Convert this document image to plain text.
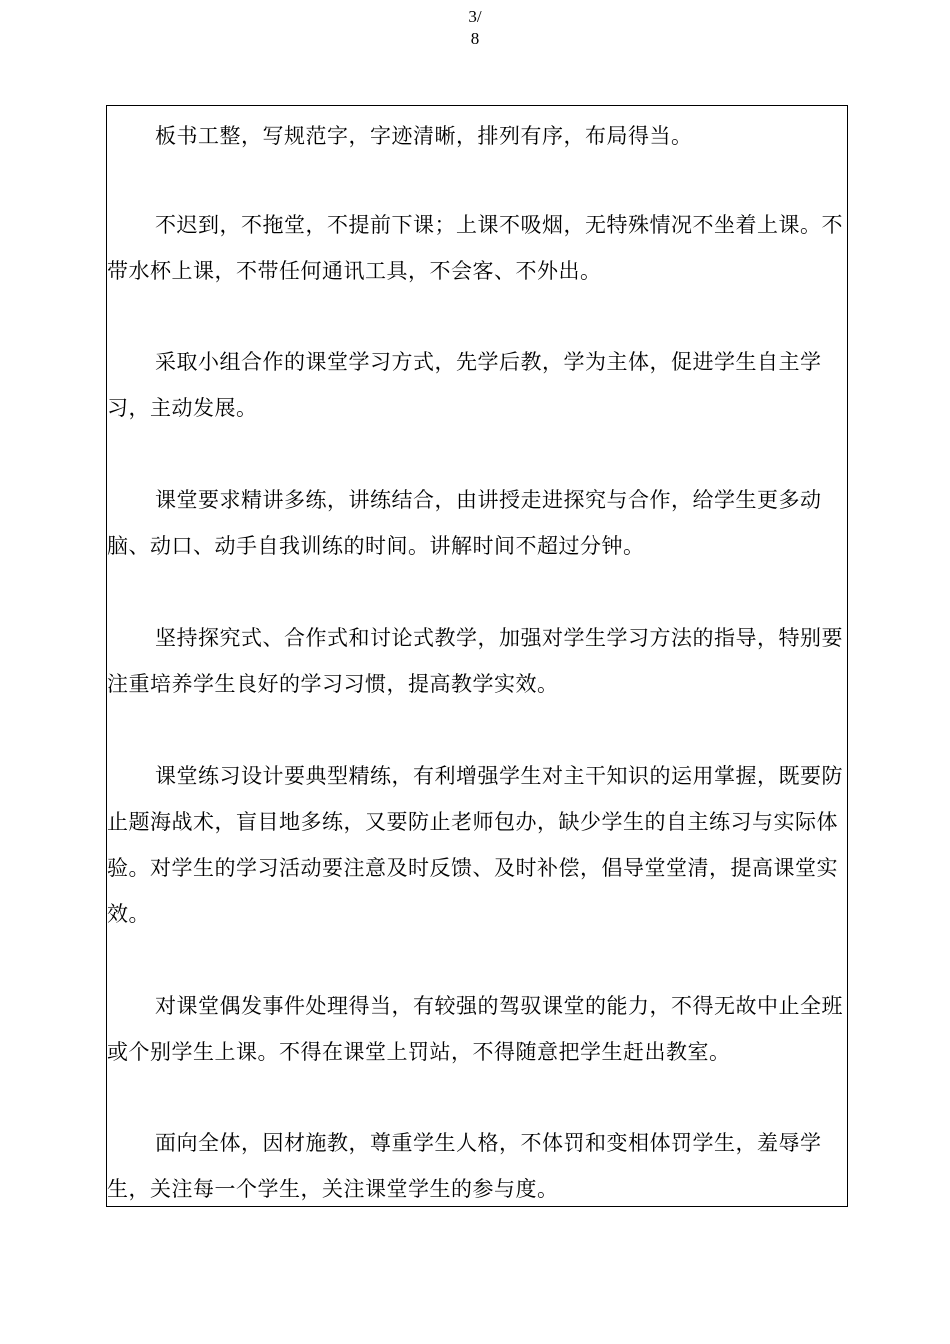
3/
8

板书工整，写规范字，字迹清晰，排列有序，布局得当。

不迟到，不拖堂，不提前下课；上课不吸烟，无特殊情况不坐着上课。不带水杯上课，不带任何通讯工具，不会客、不外出。

采取小组合作的课堂学习方式，先学后教，学为主体，促进学生自主学习，主动发展。

课堂要求精讲多练，讲练结合，由讲授走进探究与合作，给学生更多动脑、动口、动手自我训练的时间。讲解时间不超过分钟。

坚持探究式、合作式和讨论式教学，加强对学生学习方法的指导，特别要注重培养学生良好的学习习惯，提高教学实效。

课堂练习设计要典型精练，有利增强学生对主干知识的运用掌握，既要防止题海战术，盲目地多练，又要防止老师包办，缺少学生的自主练习与实际体验。对学生的学习活动要注意及时反馈、及时补偿，倡导堂堂清，提高课堂实效。

对课堂偶发事件处理得当，有较强的驾驭课堂的能力，不得无故中止全班或个别学生上课。不得在课堂上罚站，不得随意把学生赶出教室。

面向全体，因材施教，尊重学生人格，不体罚和变相体罚学生，羞辱学生，关注每一个学生，关注课堂学生的参与度。
